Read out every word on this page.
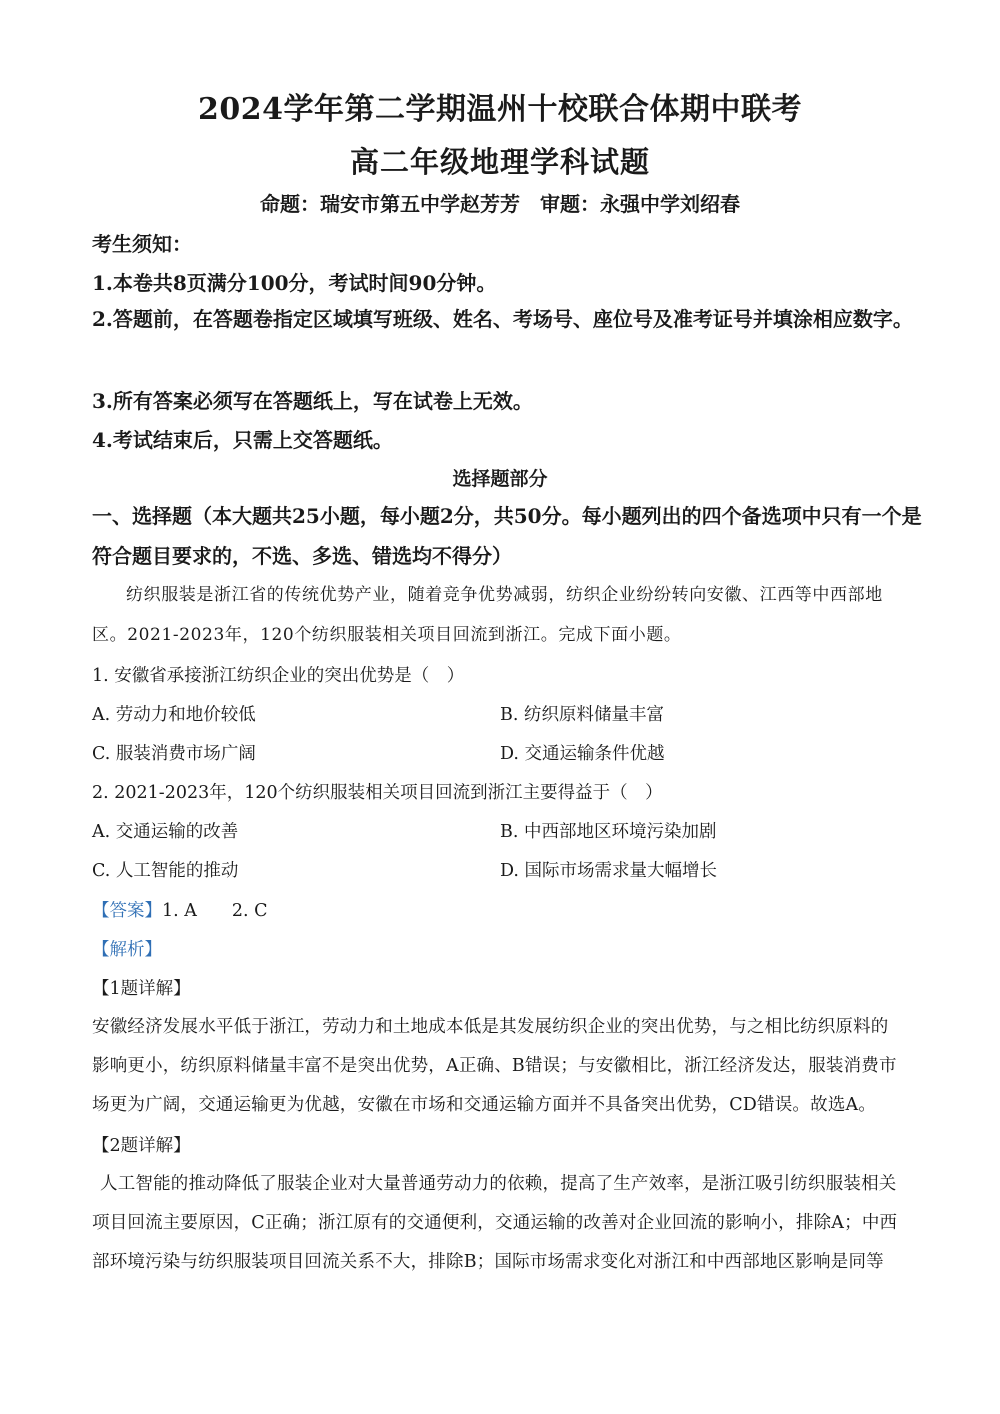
2024学年第二学期温州十校联合体期中联考
高二年级地理学科试题
命题：瑞安市第五中学赵芳芳　审题：永强中学刘绍春
考生须知：
1.本卷共8页满分100分，考试时间90分钟。
2.答题前，在答题卷指定区域填写班级、姓名、考场号、座位号及准考证号并填涂相应数字。
3.所有答案必须写在答题纸上，写在试卷上无效。
4.考试结束后，只需上交答题纸。
选择题部分
一、选择题（本大题共25小题，每小题2分，共50分。每小题列出的四个备选项中只有一个是符合题目要求的，不选、多选、错选均不得分）
纺织服装是浙江省的传统优势产业，随着竞争优势减弱，纺织企业纷纷转向安徽、江西等中西部地区。2021-2023年，120个纺织服装相关项目回流到浙江。完成下面小题。
1. 安徽省承接浙江纺织企业的突出优势是（　）
A. 劳动力和地价较低	B. 纺织原料储量丰富
C. 服装消费市场广阔	D. 交通运输条件优越
2. 2021-2023年，120个纺织服装相关项目回流到浙江主要得益于（　）
A. 交通运输的改善	B. 中西部地区环境污染加剧
C. 人工智能的推动	D. 国际市场需求量大幅增长
【答案】1. A　　2. C
【解析】
【1题详解】
安徽经济发展水平低于浙江，劳动力和土地成本低是其发展纺织企业的突出优势，与之相比纺织原料的影响更小，纺织原料储量丰富不是突出优势，A正确、B错误；与安徽相比，浙江经济发达，服装消费市场更为广阔，交通运输更为优越，安徽在市场和交通运输方面并不具备突出优势，CD错误。故选A。
【2题详解】
人工智能的推动降低了服装企业对大量普通劳动力的依赖，提高了生产效率，是浙江吸引纺织服装相关项目回流主要原因，C正确；浙江原有的交通便利，交通运输的改善对企业回流的影响小，排除A；中西部环境污染与纺织服装项目回流关系不大，排除B；国际市场需求变化对浙江和中西部地区影响是同等
